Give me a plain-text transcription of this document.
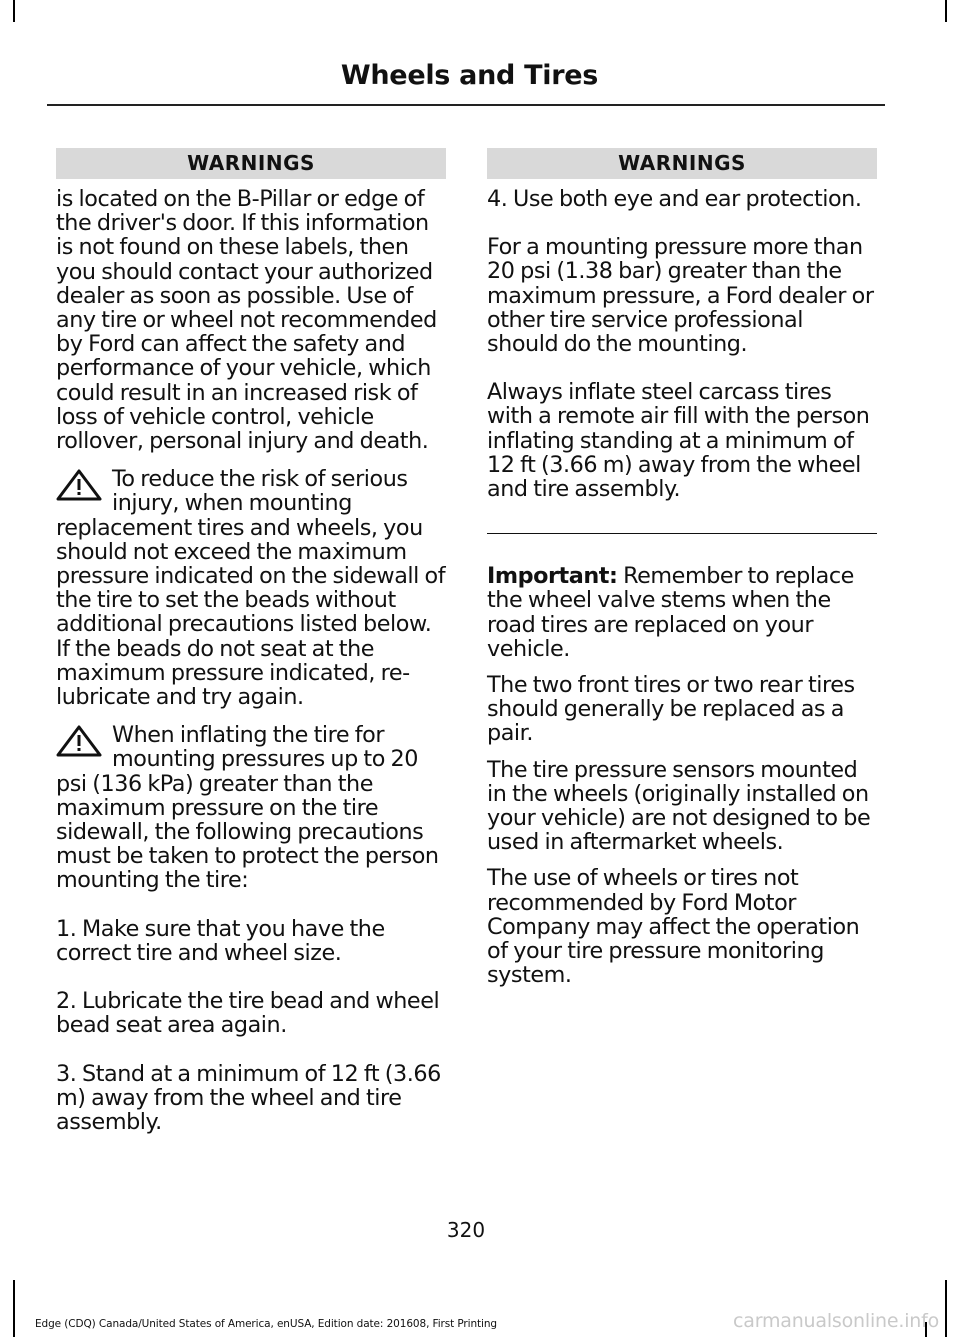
Wheels and Tires
WARNINGS

is located on the B-Pillar or edge of the driver's door. If this information is not found on these labels, then you should contact your authorized dealer as soon as possible. Use of any tire or wheel not recommended by Ford can affect the safety and performance of your vehicle, which could result in an increased risk of loss of vehicle control, vehicle rollover, personal injury and death.

To reduce the risk of serious injury, when mounting replacement tires and wheels, you should not exceed the maximum pressure indicated on the sidewall of the tire to set the beads without additional precautions listed below. If the beads do not seat at the maximum pressure indicated, re-lubricate and try again.

When inflating the tire for mounting pressures up to 20 psi (136 kPa) greater than the maximum pressure on the tire sidewall, the following precautions must be taken to protect the person mounting the tire:

1. Make sure that you have the correct tire and wheel size.

2. Lubricate the tire bead and wheel bead seat area again.

3. Stand at a minimum of 12 ft (3.66 m) away from the wheel and tire assembly.

WARNINGS

4. Use both eye and ear protection.

For a mounting pressure more than 20 psi (1.38 bar) greater than the maximum pressure, a Ford dealer or other tire service professional should do the mounting.

Always inflate steel carcass tires with a remote air fill with the person inflating standing at a minimum of 12 ft (3.66 m) away from the wheel and tire assembly.

Important: Remember to replace the wheel valve stems when the road tires are replaced on your vehicle.

The two front tires or two rear tires should generally be replaced as a pair.

The tire pressure sensors mounted in the wheels (originally installed on your vehicle) are not designed to be used in aftermarket wheels.

The use of wheels or tires not recommended by Ford Motor Company may affect the operation of your tire pressure monitoring system.

320
Edge (CDQ) Canada/United States of America, enUSA, Edition date: 201608, First Printing	carmanualsonline.info
